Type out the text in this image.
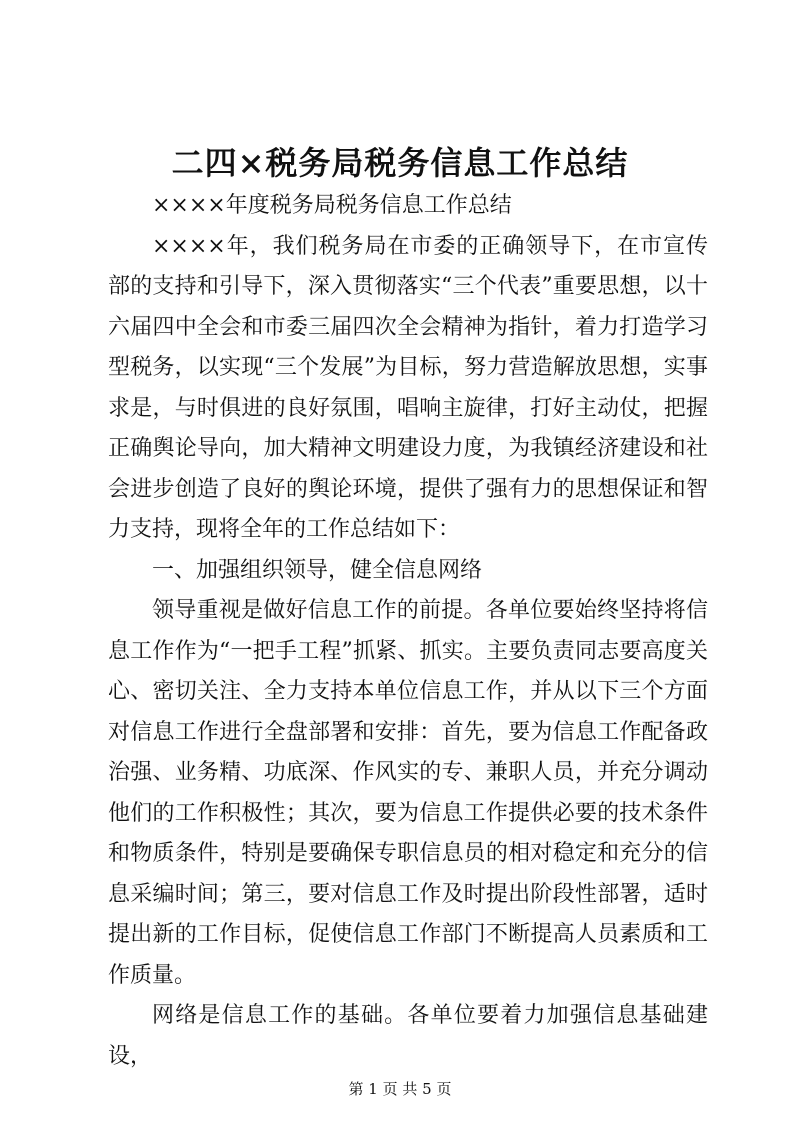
二四×税务局税务信息工作总结

××××年度税务局税务信息工作总结

××××年，我们税务局在市委的正确领导下，在市宣传部的支持和引导下，深入贯彻落实“三个代表”重要思想，以十六届四中全会和市委三届四次全会精神为指针，着力打造学习型税务，以实现“三个发展”为目标，努力营造解放思想，实事求是，与时俱进的良好氛围，唱响主旋律，打好主动仗，把握正确舆论导向，加大精神文明建设力度，为我镇经济建设和社会进步创造了良好的舆论环境，提供了强有力的思想保证和智力支持，现将全年的工作总结如下：

一、加强组织领导，健全信息网络

领导重视是做好信息工作的前提。各单位要始终坚持将信息工作作为“一把手工程”抓紧、抓实。主要负责同志要高度关心、密切关注、全力支持本单位信息工作，并从以下三个方面对信息工作进行全盘部署和安排：首先，要为信息工作配备政治强、业务精、功底深、作风实的专、兼职人员，并充分调动他们的工作积极性；其次，要为信息工作提供必要的技术条件和物质条件，特别是要确保专职信息员的相对稳定和充分的信息采编时间；第三，要对信息工作及时提出阶段性部署，适时提出新的工作目标，促使信息工作部门不断提高人员素质和工作质量。

网络是信息工作的基础。各单位要着力加强信息基础建设，

第 1 页 共 5 页
